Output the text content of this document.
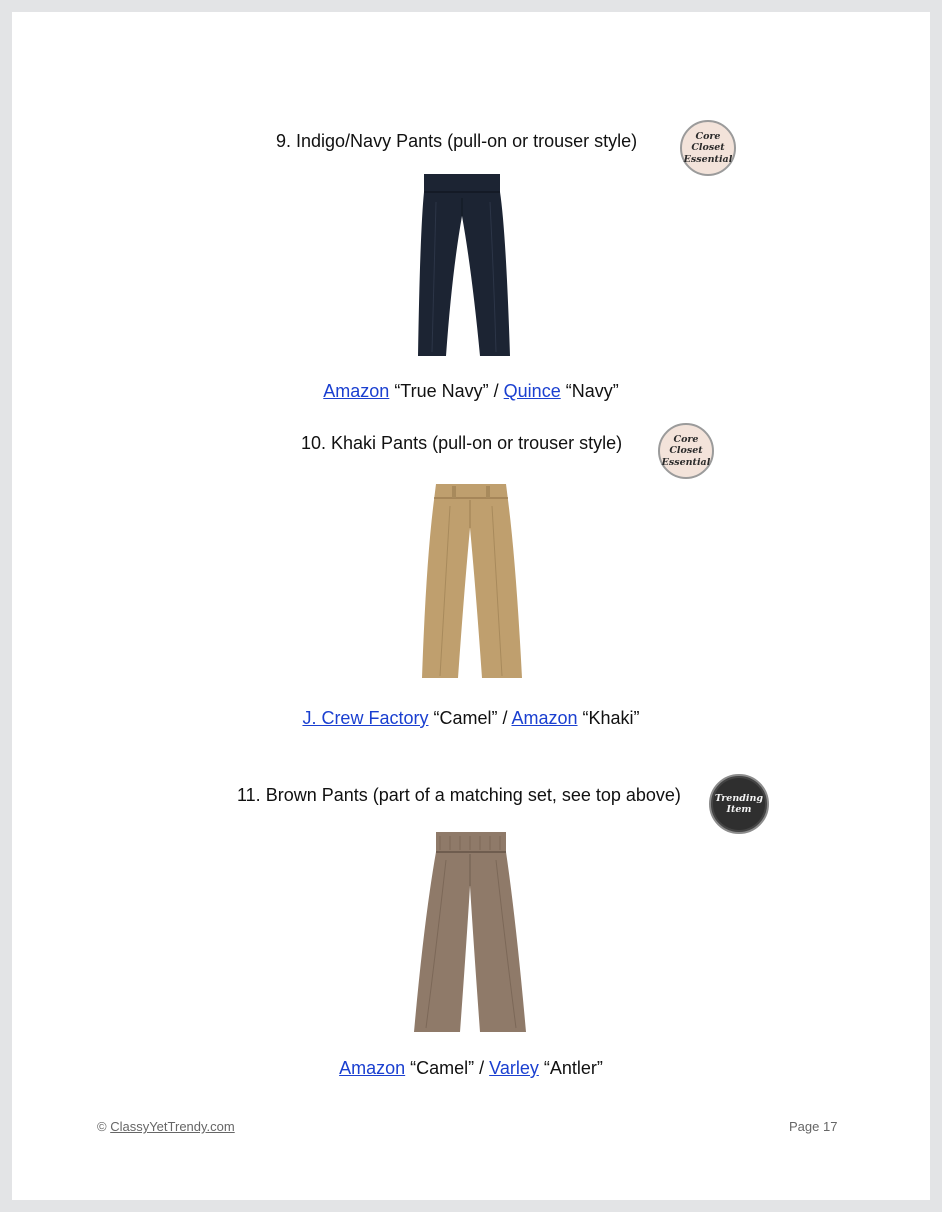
9. Indigo/Navy Pants (pull-on or trouser style)	Core
Closet
Essential
Amazon “True Navy” / Quince “Navy”
10. Khaki Pants (pull-on or trouser style)	Core
Closet
Essential
J. Crew Factory “Camel” / Amazon “Khaki”
11. Brown Pants (part of a matching set, see top above)	Trending
Item
Amazon “Camel” / Varley “Antler”
© ClassyYetTrendy.com	Page 17
